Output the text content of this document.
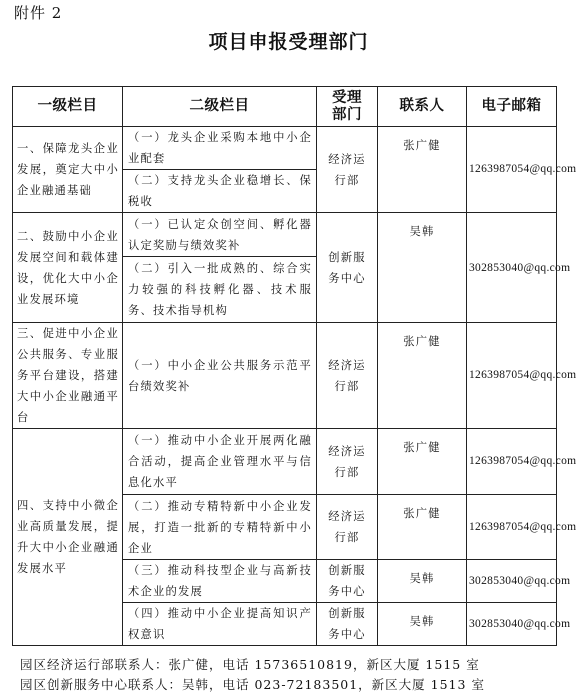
附件 2
项目申报受理部门
一级栏目	二级栏目	受理部门	联系人	电子邮箱
一、保障龙头企业发展，奠定大中小企业融通基础	（一）龙头企业采购本地中小企业配套	经济运行部	张广健	1263987054@qq.com
	（二）支持龙头企业稳增长、保税收			
二、鼓励中小企业发展空间和载体建设，优化大中小企业发展环境	（一）已认定众创空间、孵化器认定奖励与绩效奖补	创新服务中心	吴韩	302853040@qq.com
	（二）引入一批成熟的、综合实力较强的科技孵化器、技术服务、技术指导机构			
三、促进中小企业公共服务、专业服务平台建设，搭建大中小企业融通平台	（一）中小企业公共服务示范平台绩效奖补	经济运行部	张广健	1263987054@qq.com
四、支持中小微企业高质量发展，提升大中小企业融通发展水平	（一）推动中小企业开展两化融合活动，提高企业管理水平与信息化水平	经济运行部	张广健	1263987054@qq.com
	（二）推动专精特新中小企业发展，打造一批新的专精特新中小企业	经济运行部	张广健	1263987054@qq.com
	（三）推动科技型企业与高新技术企业的发展	创新服务中心	吴韩	302853040@qq.com
	（四）推动中小企业提高知识产权意识	创新服务中心	吴韩	302853040@qq.com
园区经济运行部联系人：张广健，电话 15736510819，新区大厦 1515 室
园区创新服务中心联系人：吴韩，电话 023-72183501，新区大厦 1513 室
